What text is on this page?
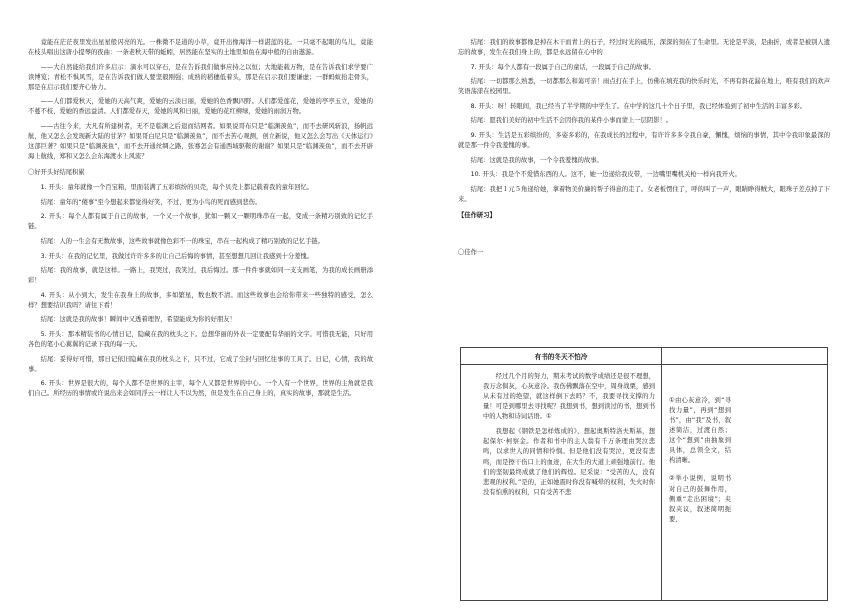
竟能在茫茫夜里发出星星般闪亮的光。一株微不足道的小草，竟开出像海洋一样湛蓝的花。一只毫不起眼的鸟儿，竟能在枝头唱出这唐小提琴的夜曲：一条老秋天带的蚯蚓，居然能在坚实的土地里如鱼在海中般的自由遨游。

——大自然能给我们许多启示：滴水可以穿石，是在告诉我们做事应持之以恒；大地能载万物，是在告诉我们求学要广读博览；青松不惧风雪，是在告诉我们做人要坚毅刚强；成熟的稻穗低着头，那是在启示我们要谦虚；一群蚂蚁抬走骨头，那是在启示我们要齐心协力。

——人们都爱秋天，爱她的天高气爽，爱她的云淡日丽，爱她的色香飘四野。人们都爱莲花，爱她的亭亭玉立，爱她的不蔓不枝，爱她的香远益清。人们都爱春天，爱她的风和日丽，爱她的花红柳绿，爱她的雨润万物。

——古往今来，大凡有所建树者，无不是临渊之后退而结网者。如果说哥布只是“临渊羡鱼”，而不去研风斩浪，扬帆远航，他又怎么会发现新大陆的甘茅？如果哥白尼只是“临渊羡鱼”，而不去苦心观测，创立新说，他又怎么会写出《天体运行》这部巨著？如果只是“临渊羡鱼”，而不去开通丝绸之路，张骞怎会有通西域驱鞍的谢谢？如果只是“临渊羡鱼”，而不去开辟海上航线，郑和又怎么会东海渡水上风流？

〇好开头好结尾积累

1. 开头：童年就像一个百宝箱，里面装满了五彩缤纷的贝壳，每个贝壳上都记载着我的童年回忆。

结尾：童年的“傻事”至今想起来都觉得好笑，不过，更为小鸟的死而感到悲伤。

2. 开头：每个人都有属于自己的故事，一个又一个故事，犹如一颗又一颗明珠串在一起，变成一条精巧别致的记忆手链。

结尾：人的一生会有无数故事，这些故事就像色彩不一的珠宝，串在一起构成了精巧别致的记忆手链。

3. 开头：在我的记忆里，我做过许许多多的让自己后悔的事情，甚至想想几回让我感到十分羞愧。

结尾：我的故事，就是这样。一路上，我哭过，我笑过，我后悔过。那一件件事就如同一支支画笔，为我的成长画册添彩！

4. 开头：从小到大，发生在我身上的故事，多如繁星，数也数不清。而这些故事也会给你带来一些独特的感受，怎么样？想要结识我吗？请往下看！

结尾：这就是我的故事！瞬间中又透着理智，希望能成为你的好朋友！

5. 开头：那本精装书的心情日记，隐藏在我的枕头之下。总想华丽的外表一定要配有华丽的文字。可惜我无能，只好用各色的笔小心翼翼的记录下我的每一天。

结尾：妥得好可惜，那日记依旧隐藏在我的枕头之下，只不过，它成了尘封与回忆往事的工具了。日记，心情，我的故事。

6. 开头：世界是很大的，每个人都不是世界的主宰，每个人又都是世界的中心。一个人有一个世界，世界的主角就是我们自己。所经历的事情或许说出来会如同浮云一样让人不以为然，但是发生在自己身上的，真实的故事，那就是生活。

结尾：我们的故事都像是掉在木干而青上的石子，经过时光的砥压，深深的刻在了生命里。无论是平淡，是曲折，或者是被别人遗忘的故事，发生在我们身上的，都是永远留在心中的

7. 开头：每个人都有一段属于自己的童话，一段属于自己的故事。

结尾：一切都那么熟悉，一切都那么和蔼可亲！雨点打在手上，仿佛在填充我的快乐时光，不再有斜花漏在地上，唯有我们的欢声笑语荡漾在校园里。

8. 开头：呀！转眼间，我已经当了半学期的中学生了。在中学的这几十个日子里，我已经体验到了初中生活的丰富多彩。

结尾：愿我们美好的初中生活不会因你我的某件小事而蒙上一层阴影！。

9. 开头：生活是五彩缤纷的，多姿多彩的，在我成长的过程中，有许许多多令我自豪，懈愧，烦恼的事情，其中令我印象最深的就是那一件令我羞愧的事。

结尾：这就是我的故事，一个令我羞愧的故事。

10. 开头：我是个不爱惜东西的人。这不，她一边递给我皮带，一边嘴里嘴机关枪一样向我开火。

结尾：我把１元５角递给她，拿着物美价廉的帮子得意的走了。女老板愣住了，呼的叫了一声，眼睛睁得贼大，眼珠子差点掉了下来。

【佳作研习】

〇佳作一

有书的冬天不怕冷

经过几个月的努力，期末考试的数学成绩还是很不理想，我万念俱灰，心灰意冷。我伤佛飘落在空中，周身战栗，感到从未有过的绝望，就这样倒下去吗？不，我要寻找支撑的力量！可是到哪里去寻找呢？我想到书，想到读过的书，想到书中的人物和诗词话语。①

我想起《钢铁是怎样炼成的》，想起奥斯特洛夫斯基，想起保尔·柯察金。作者和书中的主人翁有千万条理由哭泣悲鸣，以求世人的同情和怜悯。但是他们没有哭泣，更没有悲鸣，而是擦干伤口上的血迹，在大生的大道上顽强地前行。他们的坚韧最终成就了他们的辉煌。尼采说：“受苦的人，没有悲观的权利。”是的，正如她震时你没有喊晕的权利，失火时你没有怕熏的权利，只有受苦不悲

①由心灰意冷，到“寻找力量”，再到“想到书”，由“我”及书，叙述简洁，过渡自然；这个“想到”由抽象到具体，总领全文，结构清晰。

②举小说例，说明书对自己的鼓舞作用，侧重“走出困境”；夹叙夹议，叙述简明扼要，
